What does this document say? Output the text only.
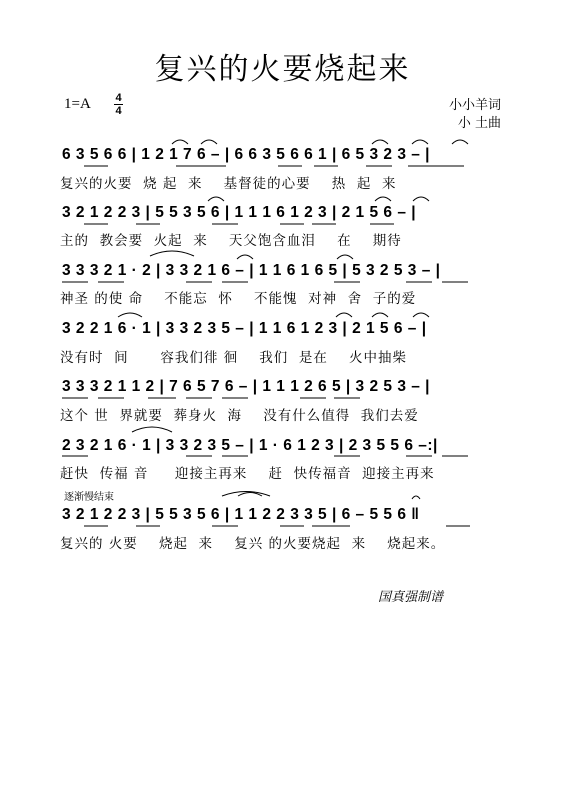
复兴的火要烧起来
1=A 4
4	小小羊词
小 土曲
6 3 5 6 6 | 1 2 1 7 6 – | 6 6 3 5 6 6 1 | 6 5 3 2 3 – |
复兴的火要  烧 起  来    基督徒的心要    热  起  来
3 2 1 2 2 3 | 5 5 3 5 6 | 1 1 1 6 1 2 3 | 2 1 5 6 – |
主的  教会要  火起  来    天父饱含血泪    在    期待
3 3 3 2 1 · 2 | 3 3 2 1 6 – | 1 1 6 1 6 5 | 5 3 2 5 3 – |
神圣 的使 命    不能忘  怀    不能愧  对神  舍  子的爱
3 2 2 1 6 · 1 | 3 3 2 3 5 – | 1 1 6 1 2 3 | 2 1 5 6 – |
没有时  间      容我们徘 徊    我们  是在    火中抽柴
3 3 3 2 1 1 2 | 7 6 5 7 6 – | 1 1 1 2 6 5 | 3 2 5 3 – |
这个 世  界就要  葬身火  海    没有什么值得  我们去爱
2 3 2 1 6 · 1 | 3 3 2 3 5 – | 1 · 6 1 2 3 | 2 3 5 5 6 –:|
赶快  传福 音     迎接主再来    赶  快传福音  迎接主再来
逐渐慢结束
3 2 1 2 2 3 | 5 5 3 5 6 | 1 1 2 2 3 3 5 | 6 – 5 5 6 ‖
复兴的 火要    烧起  来    复兴 的火要烧起  来    烧起来。
国真强制谱
